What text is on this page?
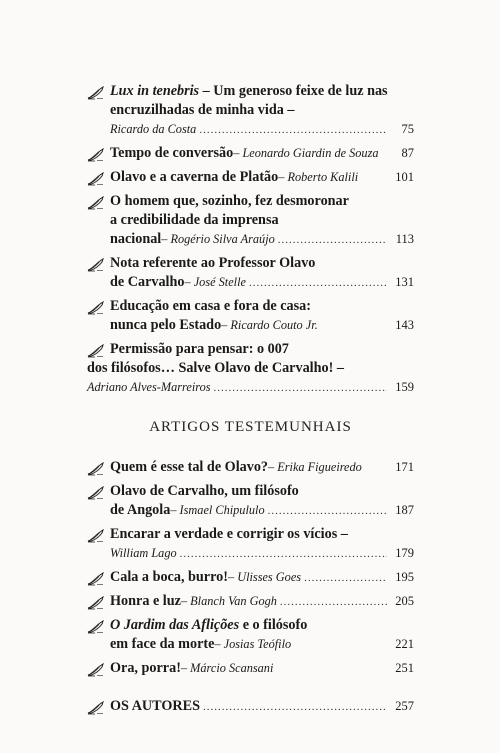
Lux in tenebris – Um generoso feixe de luz nas
encruzilhadas de minha vida –
Ricardo da Costa .....	75
Tempo de conversão – Leonardo Giardin de Souza	87
Olavo e a caverna de Platão – Roberto Kalili	101
O homem que, sozinho, fez desmoronar
a credibilidade da imprensa
nacional – Rogério Silva Araújo .....	113
Nota referente ao Professor Olavo
de Carvalho – José Stelle .....	131
Educação em casa e fora de casa:
nunca pelo Estado – Ricardo Couto Jr.	143
Permissão para pensar: o 007
dos filósofos… Salve Olavo de Carvalho! –
Adriano Alves-Marreiros .....	159
ARTIGOS TESTEMUNHAIS
Quem é esse tal de Olavo? – Erika Figueiredo	171
Olavo de Carvalho, um filósofo
de Angola – Ismael Chipululo .....	187
Encarar a verdade e corrigir os vícios –
William Lago .....	179
Cala a boca, burro! – Ulisses Goes .....	195
Honra e luz – Blanch Van Gogh .....	205
O Jardim das Aflições e o filósofo
em face da morte – Josias Teófilo	221
Ora, porra! – Márcio Scansani	251
OS AUTORES .....	257
